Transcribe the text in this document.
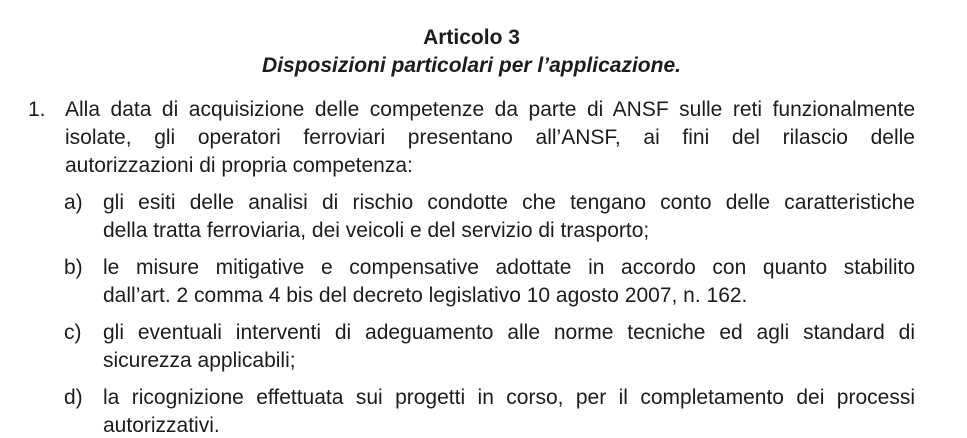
Articolo 3
Disposizioni particolari per l’applicazione.
1. Alla data di acquisizione delle competenze da parte di ANSF sulle reti funzionalmente
isolate, gli operatori ferroviari presentano all’ANSF, ai fini del rilascio delle
autorizzazioni di propria competenza:
a) gli esiti delle analisi di rischio condotte che tengano conto delle caratteristiche
della tratta ferroviaria, dei veicoli e del servizio di trasporto;
b) le misure mitigative e compensative adottate in accordo con quanto stabilito
dall’art. 2 comma 4 bis del decreto legislativo 10 agosto 2007, n. 162.
c) gli eventuali interventi di adeguamento alle norme tecniche ed agli standard di
sicurezza applicabili;
d) la ricognizione effettuata sui progetti in corso, per il completamento dei processi
autorizzativi.
